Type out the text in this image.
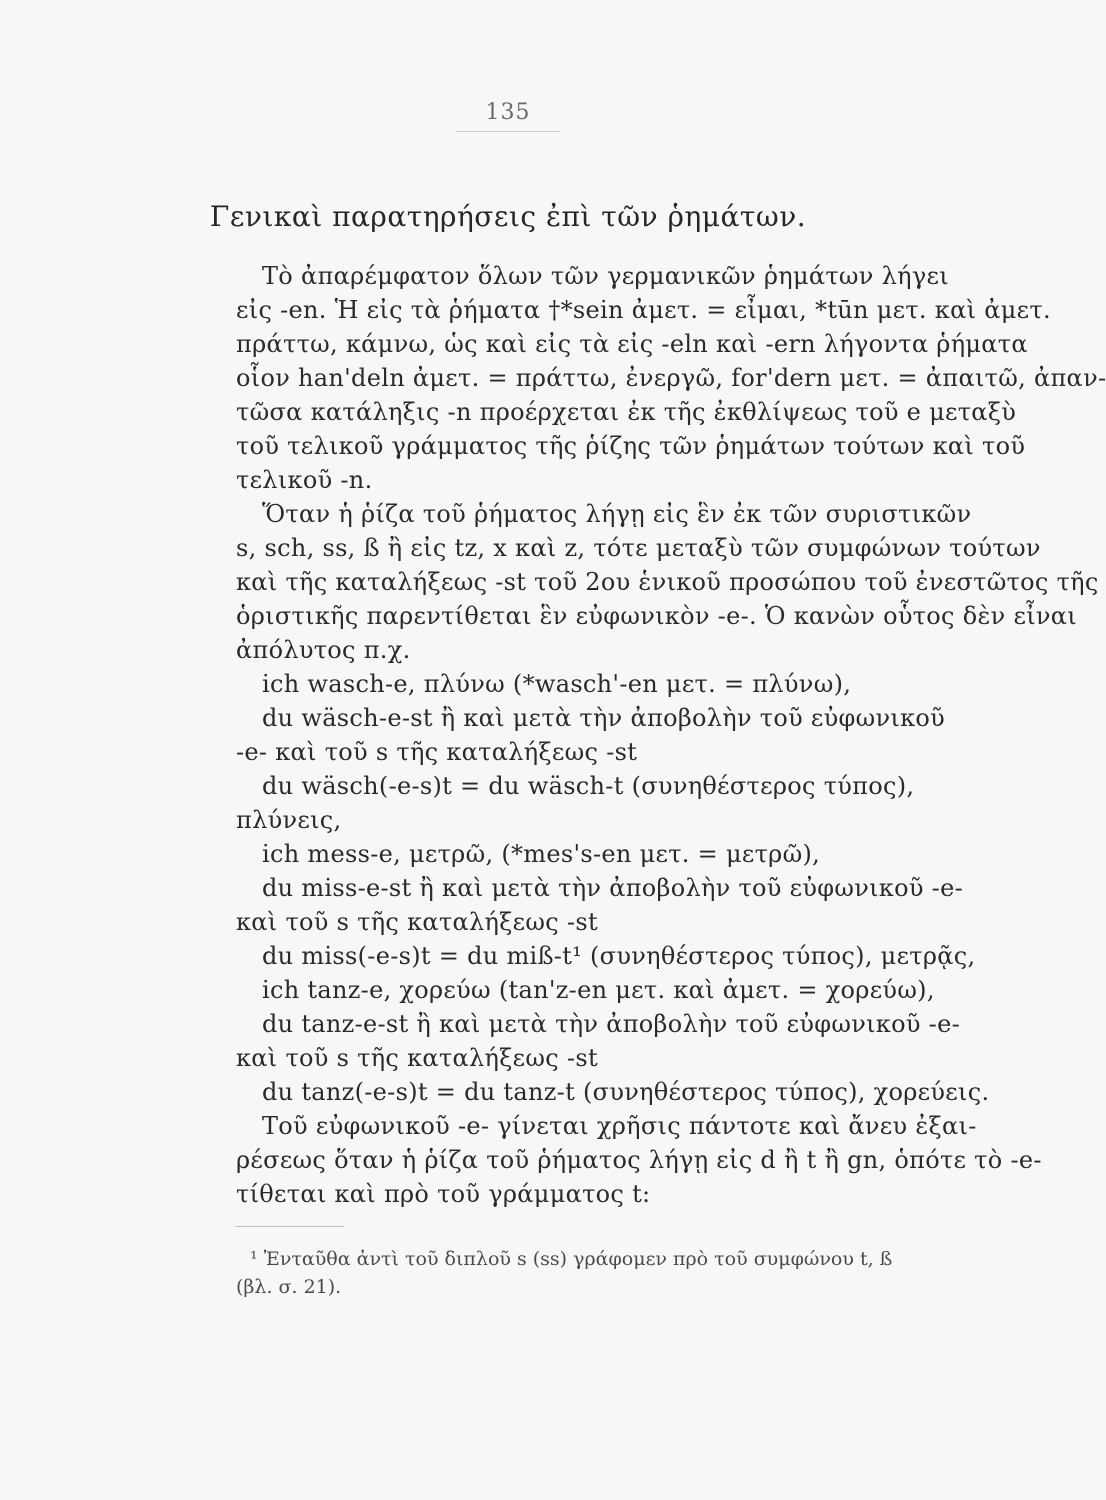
135
Γενικαὶ παρατηρήσεις ἐπὶ τῶν ῥημάτων.
Τὸ ἀπαρέμφατον ὅλων τῶν γερμανικῶν ῥημάτων λήγει
εἰς -en. Ἡ εἰς τὰ ῥήματα †*sein ἀμετ. = εἶμαι, *tūn μετ. καὶ ἀμετ.
πράττω, κάμνω, ὡς καὶ εἰς τὰ εἰς -eln καὶ -ern λήγοντα ῥήματα
οἷον han'deln ἀμετ. = πράττω, ἐνεργῶ, for'dern μετ. = ἀπαιτῶ, ἀπαν-
τῶσα κατάληξις -n προέρχεται ἐκ τῆς ἐκθλίψεως τοῦ e μεταξὺ
τοῦ τελικοῦ γράμματος τῆς ῥίζης τῶν ῥημάτων τούτων καὶ τοῦ
τελικοῦ -n.
Ὅταν ἡ ῥίζα τοῦ ῥήματος λήγῃ εἰς ἓν ἐκ τῶν συριστικῶν
s, sch, ss, ß ἢ εἰς tz, x καὶ z, τότε μεταξὺ τῶν συμφώνων τούτων
καὶ τῆς καταλήξεως -st τοῦ 2ου ἑνικοῦ προσώπου τοῦ ἐνεστῶτος τῆς
ὁριστικῆς παρεντίθεται ἓν εὐφωνικὸν -e-. Ὁ κανὼν οὗτος δὲν εἶναι
ἀπόλυτος π.χ.
ich wasch-e, πλύνω (*wasch'-en μετ. = πλύνω),
du wäsch-e-st ἢ καὶ μετὰ τὴν ἀποβολὴν τοῦ εὐφωνικοῦ
-e- καὶ τοῦ s τῆς καταλήξεως -st
du wäsch(-e-s)t = du wäsch-t (συνηθέστερος τύπος),
πλύνεις,
ich mess-e, μετρῶ, (*mes's-en μετ. = μετρῶ),
du miss-e-st ἢ καὶ μετὰ τὴν ἀποβολὴν τοῦ εὐφωνικοῦ -e-
καὶ τοῦ s τῆς καταλήξεως -st
du miss(-e-s)t = du miß-t¹ (συνηθέστερος τύπος), μετρᾷς,
ich tanz-e, χορεύω (tan'z-en μετ. καὶ ἀμετ. = χορεύω),
du tanz-e-st ἢ καὶ μετὰ τὴν ἀποβολὴν τοῦ εὐφωνικοῦ -e-
καὶ τοῦ s τῆς καταλήξεως -st
du tanz(-e-s)t = du tanz-t (συνηθέστερος τύπος), χορεύεις.
Τοῦ εὐφωνικοῦ -e- γίνεται χρῆσις πάντοτε καὶ ἄνευ ἐξαι-
ρέσεως ὅταν ἡ ῥίζα τοῦ ῥήματος λήγῃ εἰς d ἢ t ἢ gn, ὁπότε τὸ -e-
τίθεται καὶ πρὸ τοῦ γράμματος t:
¹ Ἐνταῦθα ἀντὶ τοῦ διπλοῦ s (ss) γράφομεν πρὸ τοῦ συμφώνου t, ß
(βλ. σ. 21).
